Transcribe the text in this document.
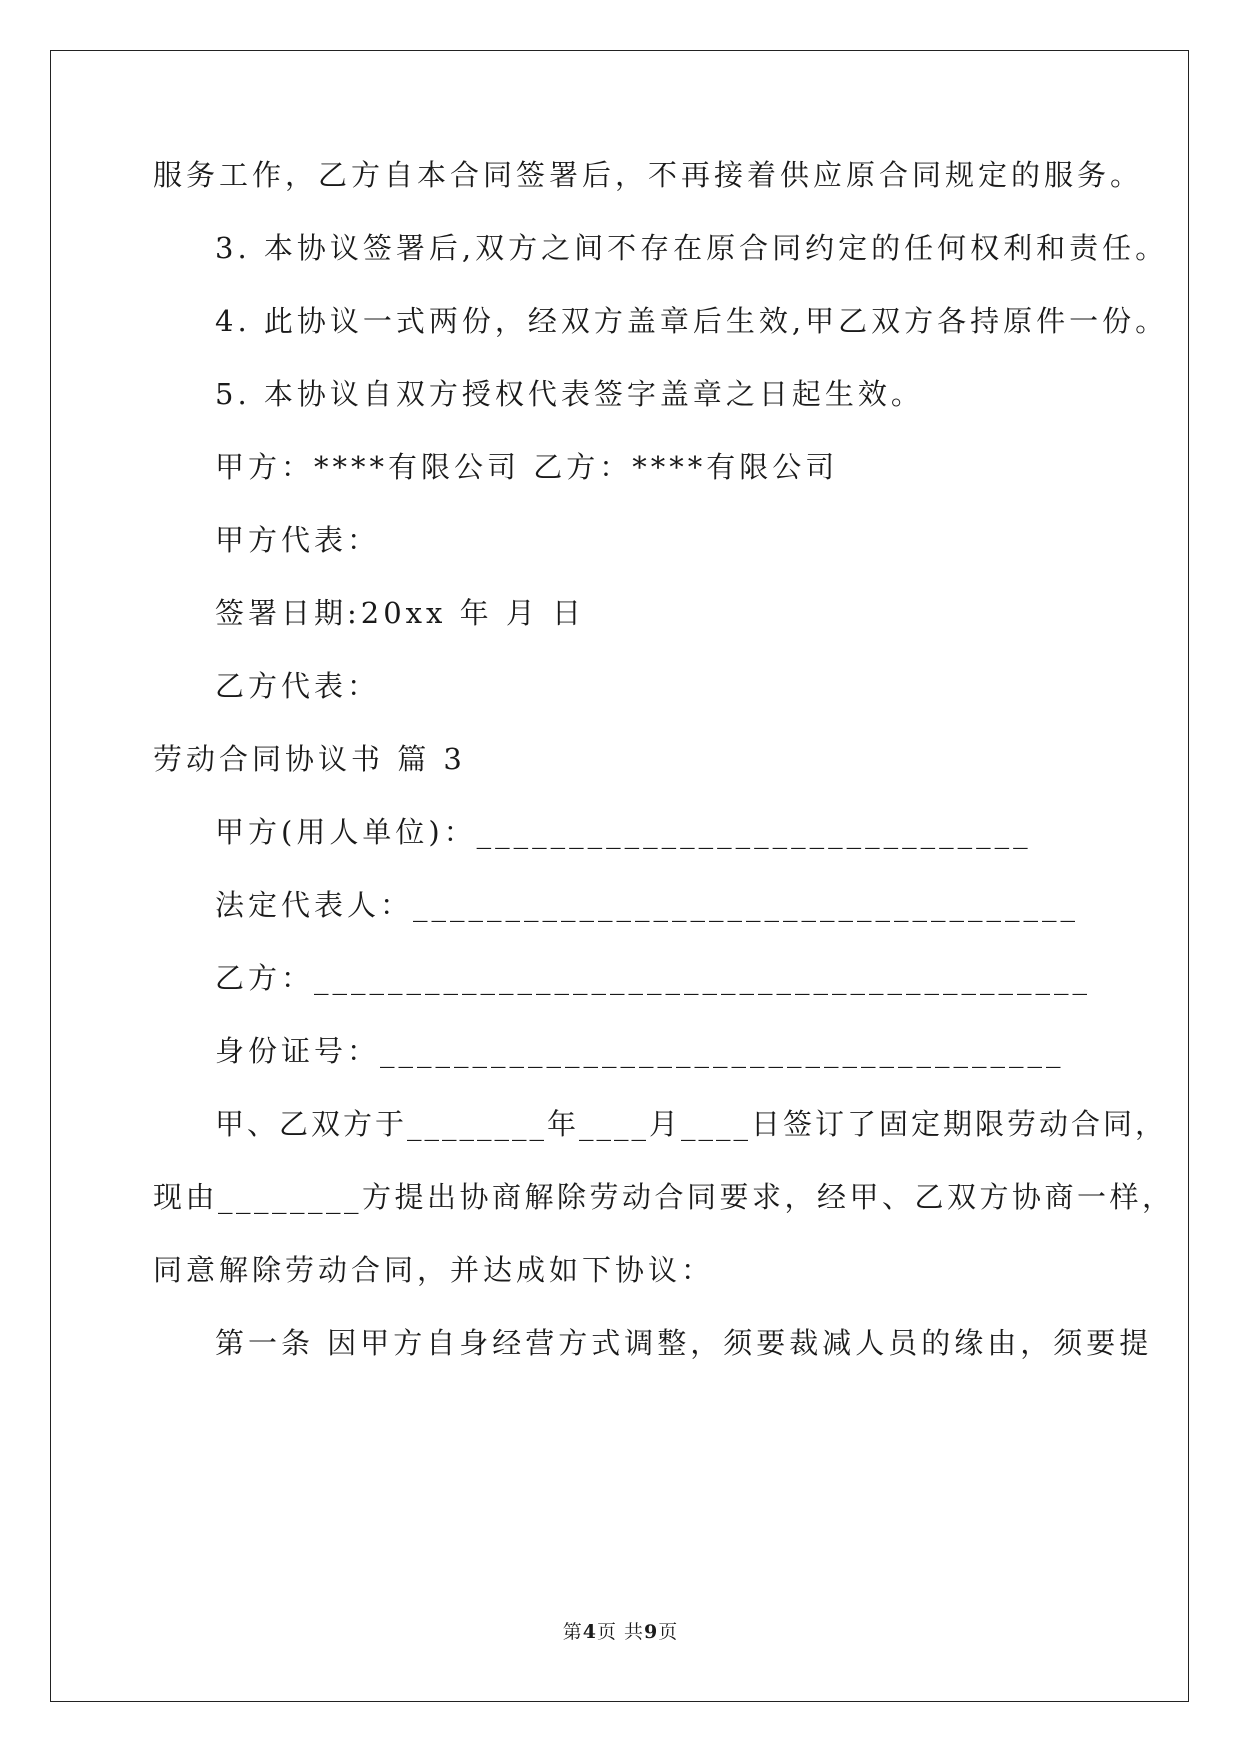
服务工作，乙方自本合同签署后，不再接着供应原合同规定的服务。
3. 本协议签署后,双方之间不存在原合同约定的任何权利和责任。
4. 此协议一式两份，经双方盖章后生效,甲乙双方各持原件一份。
5. 本协议自双方授权代表签字盖章之日起生效。
甲方：****有限公司 乙方：****有限公司
甲方代表：
签署日期:20xx 年 月 日
乙方代表：
劳动合同协议书 篇 3
甲方(用人单位)：______________________________
法定代表人：____________________________________
乙方：__________________________________________
身份证号：_____________________________________
甲、乙双方于________年____月____日签订了固定期限劳动合同，
现由________方提出协商解除劳动合同要求，经甲、乙双方协商一样，
同意解除劳动合同，并达成如下协议：
第一条 因甲方自身经营方式调整，须要裁减人员的缘由，须要提
第4页 共9页
